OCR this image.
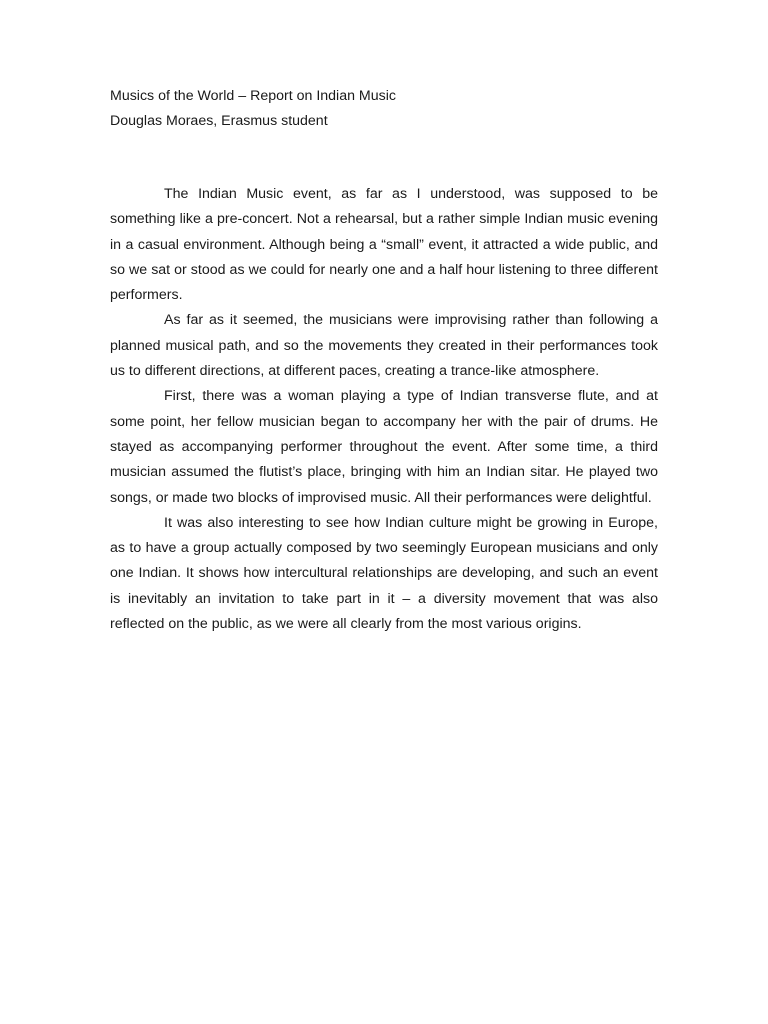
Musics of the World – Report on Indian Music
Douglas Moraes, Erasmus student

The Indian Music event, as far as I understood, was supposed to be something like a pre-concert. Not a rehearsal, but a rather simple Indian music evening in a casual environment. Although being a “small” event, it attracted a wide public, and so we sat or stood as we could for nearly one and a half hour listening to three different performers.

As far as it seemed, the musicians were improvising rather than following a planned musical path, and so the movements they created in their performances took us to different directions, at different paces, creating a trance-like atmosphere.

First, there was a woman playing a type of Indian transverse flute, and at some point, her fellow musician began to accompany her with the pair of drums. He stayed as accompanying performer throughout the event. After some time, a third musician assumed the flutist’s place, bringing with him an Indian sitar. He played two songs, or made two blocks of improvised music. All their performances were delightful.

It was also interesting to see how Indian culture might be growing in Europe, as to have a group actually composed by two seemingly European musicians and only one Indian. It shows how intercultural relationships are developing, and such an event is inevitably an invitation to take part in it – a diversity movement that was also reflected on the public, as we were all clearly from the most various origins.
